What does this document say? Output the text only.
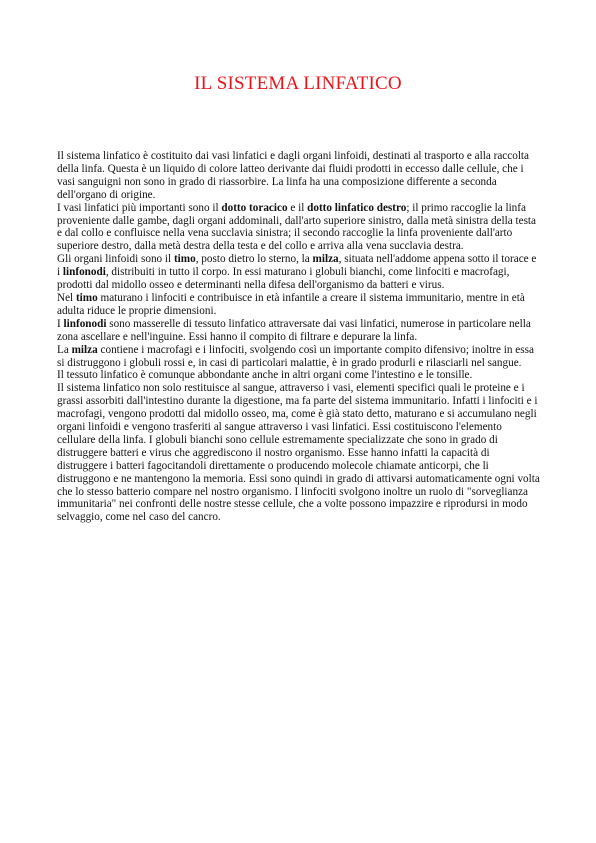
IL SISTEMA LINFATICO

Il sistema linfatico è costituito dai vasi linfatici e dagli organi linfoidi, destinati al trasporto e alla raccolta della linfa. Questa è un liquido di colore latteo derivante dai fluidi prodotti in eccesso dalle cellule, che i vasi sanguigni non sono in grado di riassorbire. La linfa ha una composizione differente a seconda dell'organo di origine.

I vasi linfatici più importanti sono il dotto toracico e il dotto linfatico destro; il primo raccoglie la linfa proveniente dalle gambe, dagli organi addominali, dall'arto superiore sinistro, dalla metà sinistra della testa e dal collo e confluisce nella vena succlavia sinistra; il secondo raccoglie la linfa proveniente dall'arto superiore destro, dalla metà destra della testa e del collo e arriva alla vena succlavia destra.

Gli organi linfoidi sono il timo, posto dietro lo sterno, la milza, situata nell'addome appena sotto il torace e i linfonodi, distribuiti in tutto il corpo. In essi maturano i globuli bianchi, come linfociti e macrofagi, prodotti dal midollo osseo e determinanti nella difesa dell'organismo da batteri e virus.

Nel timo maturano i linfociti e contribuisce in età infantile a creare il sistema immunitario, mentre in età adulta riduce le proprie dimensioni.

I linfonodi sono masserelle di tessuto linfatico attraversate dai vasi linfatici, numerose in particolare nella zona ascellare e nell'inguine. Essi hanno il compito di filtrare e depurare la linfa.

La milza contiene i macrofagi e i linfociti, svolgendo così un importante compito difensivo; inoltre in essa si distruggono i globuli rossi e, in casi di particolari malattie, è in grado produrli e rilasciarli nel sangue.

Il tessuto linfatico è comunque abbondante anche in altri organi come l'intestino e le tonsille.

Il sistema linfatico non solo restituisce al sangue, attraverso i vasi, elementi specifici quali le proteine e i grassi assorbiti dall'intestino durante la digestione, ma fa parte del sistema immunitario. Infatti i linfociti e i macrofagi, vengono prodotti dal midollo osseo, ma, come è già stato detto, maturano e si accumulano negli organi linfoidi e vengono trasferiti al sangue attraverso i vasi linfatici. Essi costituiscono l'elemento cellulare della linfa. I globuli bianchi sono cellule estremamente specializzate che sono in grado di distruggere batteri e virus che aggrediscono il nostro organismo. Esse hanno infatti la capacità di distruggere i batteri fagocitandoli direttamente o producendo molecole chiamate anticorpi, che li distruggono e ne mantengono la memoria. Essi sono quindi in grado di attivarsi automaticamente ogni volta che lo stesso batterio compare nel nostro organismo. I linfociti svolgono inoltre un ruolo di "sorveglianza immunitaria" nei confronti delle nostre stesse cellule, che a volte possono impazzire e riprodursi in modo selvaggio, come nel caso del cancro.
